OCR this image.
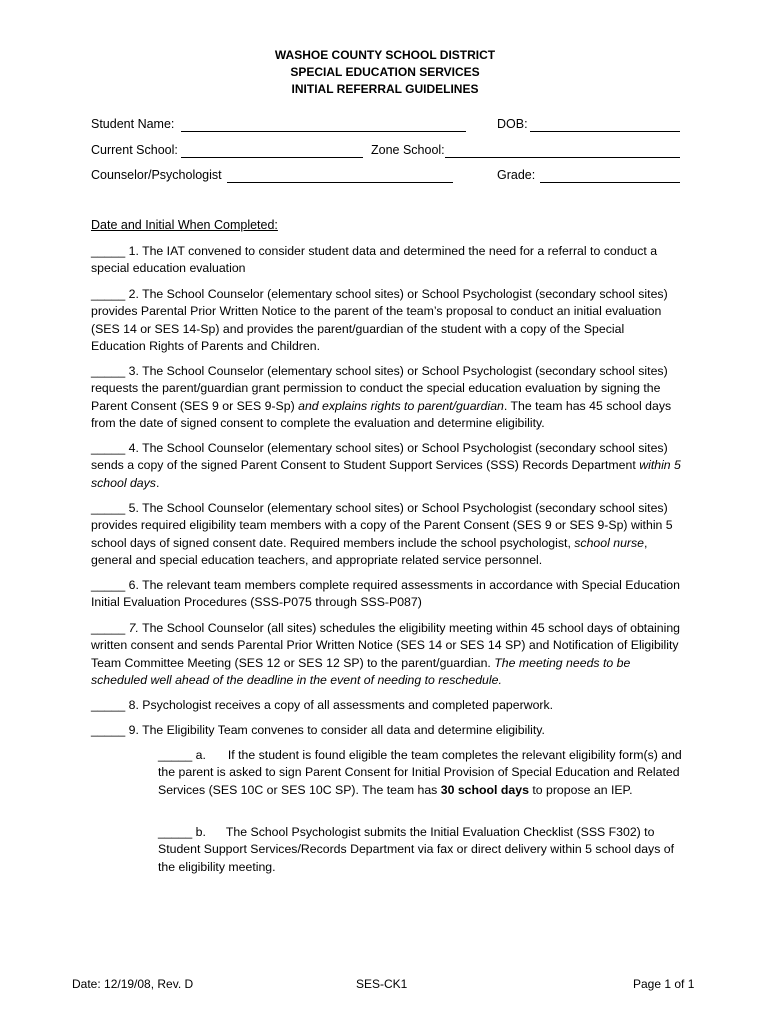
WASHOE COUNTY SCHOOL DISTRICT
SPECIAL EDUCATION SERVICES
INITIAL REFERRAL GUIDELINES
Student Name:	DOB:
Current School:	Zone School:
Counselor/Psychologist	Grade:
Date and Initial When Completed:
_____ 1. The IAT convened to consider student data and determined the need for a referral to conduct a special education evaluation
_____ 2. The School Counselor (elementary school sites) or School Psychologist (secondary school sites) provides Parental Prior Written Notice to the parent of the team’s proposal to conduct an initial evaluation (SES 14 or SES 14-Sp) and provides the parent/guardian of the student with a copy of the Special Education Rights of Parents and Children.
_____ 3. The School Counselor (elementary school sites) or School Psychologist (secondary school sites) requests the parent/guardian grant permission to conduct the special education evaluation by signing the Parent Consent (SES 9 or SES 9-Sp) and explains rights to parent/guardian. The team has 45 school days from the date of signed consent to complete the evaluation and determine eligibility.
_____ 4. The School Counselor (elementary school sites) or School Psychologist (secondary school sites) sends a copy of the signed Parent Consent to Student Support Services (SSS) Records Department within 5 school days.
_____ 5. The School Counselor (elementary school sites) or School Psychologist (secondary school sites) provides required eligibility team members with a copy of the Parent Consent (SES 9 or SES 9-Sp) within 5 school days of signed consent date. Required members include the school psychologist, school nurse, general and special education teachers, and appropriate related service personnel.
_____ 6. The relevant team members complete required assessments in accordance with Special Education Initial Evaluation Procedures (SSS-P075 through SSS-P087)
_____ 7. The School Counselor (all sites) schedules the eligibility meeting within 45 school days of obtaining written consent and sends Parental Prior Written Notice (SES 14 or SES 14 SP) and Notification of Eligibility Team Committee Meeting (SES 12 or SES 12 SP) to the parent/guardian. The meeting needs to be scheduled well ahead of the deadline in the event of needing to reschedule.
_____ 8. Psychologist receives a copy of all assessments and completed paperwork.
_____ 9. The Eligibility Team convenes to consider all data and determine eligibility.
_____ a. If the student is found eligible the team completes the relevant eligibility form(s) and the parent is asked to sign Parent Consent for Initial Provision of Special Education and Related Services (SES 10C or SES 10C SP). The team has 30 school days to propose an IEP.
_____ b. The School Psychologist submits the Initial Evaluation Checklist (SSS F302) to Student Support Services/Records Department via fax or direct delivery within 5 school days of the eligibility meeting.
Date: 12/19/08, Rev. D	SES-CK1	Page 1 of 1
